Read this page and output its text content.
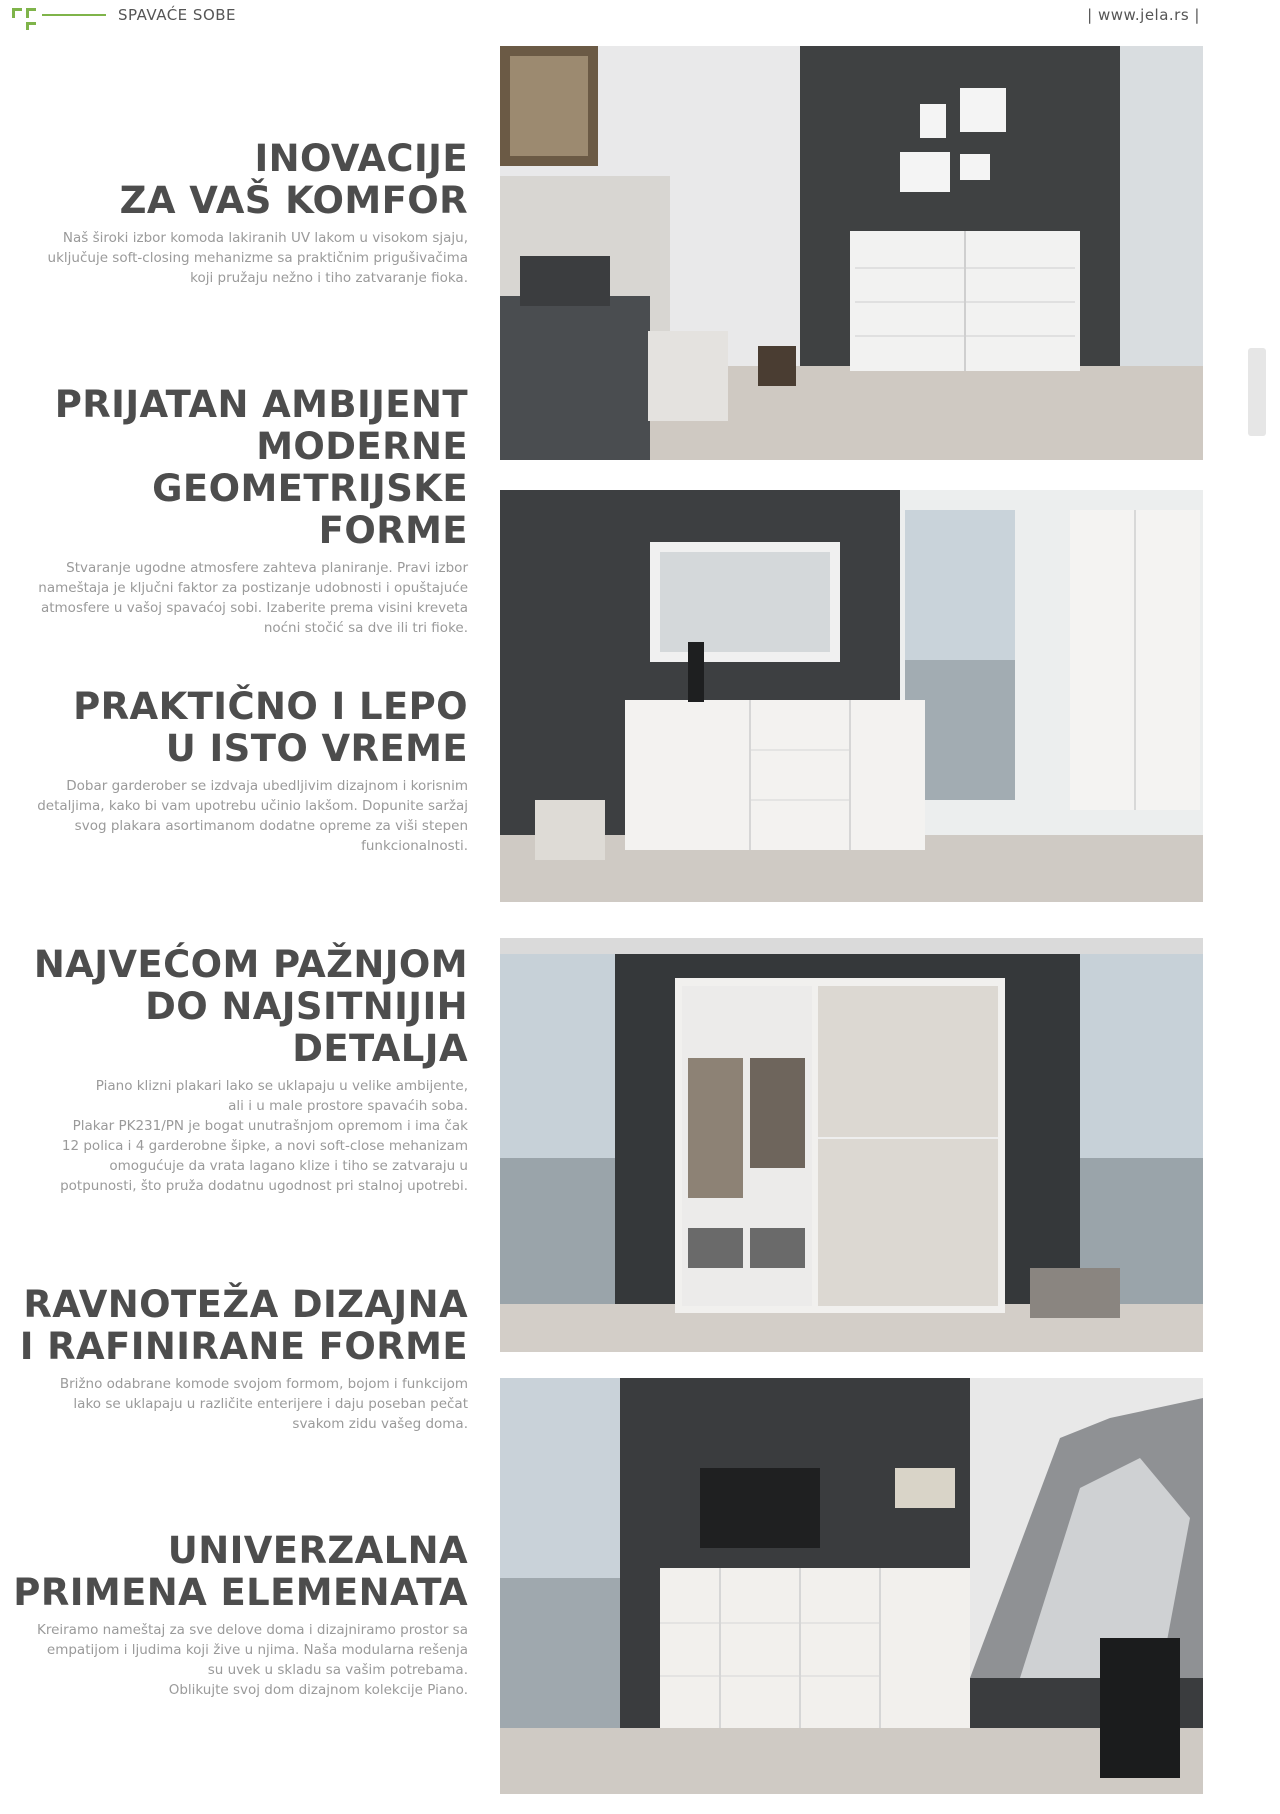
SPAVAĆE SOBE	| www.jela.rs |
INOVACIJE
ZA VAŠ KOMFOR

Naš široki izbor komoda lakiranih UV lakom u visokom sjaju,
uključuje soft-closing mehanizme sa praktičnim prigušivačima
koji pružaju nežno i tiho zatvaranje fioka.

PRIJATAN AMBIJENT
MODERNE
GEOMETRIJSKE FORME

Stvaranje ugodne atmosfere zahteva planiranje. Pravi izbor
nameštaja je ključni faktor za postizanje udobnosti i opuštajuće
atmosfere u vašoj spavaćoj sobi. Izaberite prema visini kreveta
noćni stočić sa dve ili tri fioke.

PRAKTIČNO I LEPO
U ISTO VREME

Dobar garderober se izdvaja ubedljivim dizajnom i korisnim
detaljima, kako bi vam upotrebu učinio lakšom. Dopunite saržaj
svog plakara asortimanom dodatne opreme za viši stepen
funkcionalnosti.

NAJVEĆOM PAŽNJOM
DO NAJSITNIJIH
DETALJA

Piano klizni plakari lako se uklapaju u velike ambijente,
ali i u male prostore spavaćih soba.
Plakar PK231/PN je bogat unutrašnjom opremom i ima čak
12 polica i 4 garderobne šipke, a novi soft-close mehanizam
omogućuje da vrata lagano klize i tiho se zatvaraju u
potpunosti, što pruža dodatnu ugodnost pri stalnoj upotrebi.

RAVNOTEŽA DIZAJNA
I RAFINIRANE FORME

Brižno odabrane komode svojom formom, bojom i funkcijom
lako se uklapaju u različite enterijere i daju poseban pečat
svakom zidu vašeg doma.

UNIVERZALNA
PRIMENA ELEMENATA

Kreiramo nameštaj za sve delove doma i dizajniramo prostor sa
empatijom i ljudima koji žive u njima. Naša modularna rešenja
su uvek u skladu sa vašim potrebama.
Oblikujte svoj dom dizajnom kolekcije Piano.
